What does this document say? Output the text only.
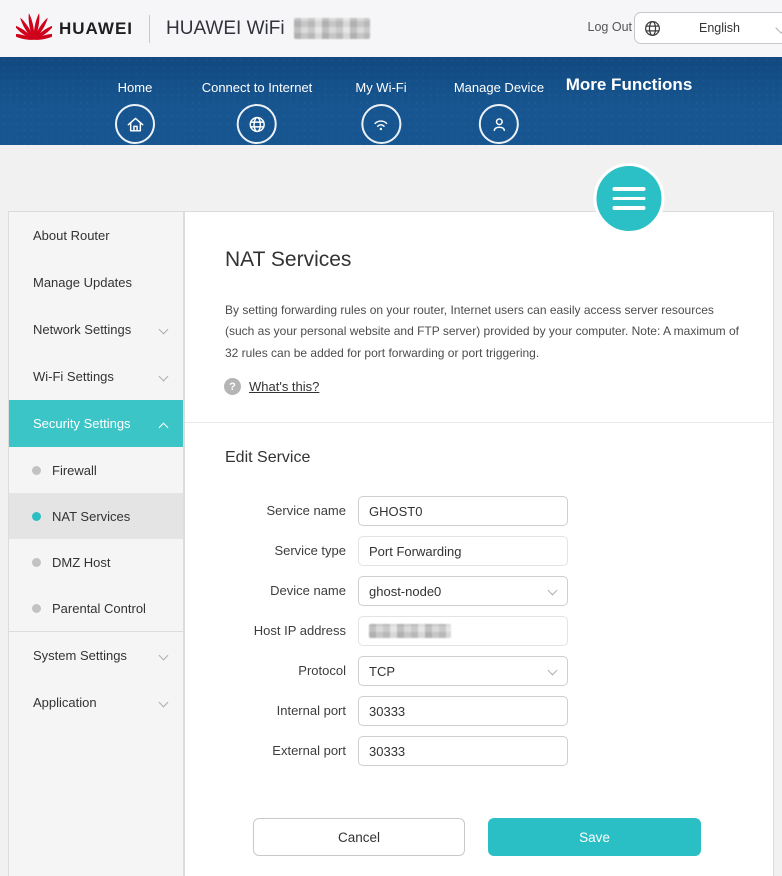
HUAWEI HUAWEI WiFi	Log Out	English
Home	Connect to Internet	My Wi-Fi	Manage Device More Functions
About Router
Manage Updates
Network Settings
Wi-Fi Settings
Security Settings
Firewall
NAT Services
DMZ Host
Parental Control
System Settings
Application
NAT Services
By setting forwarding rules on your router, Internet users can easily access server resources (such as your personal website and FTP server) provided by your computer. Note: A maximum of 32 rules can be added for port forwarding or port triggering.
?	What's this?
Edit Service
Service name
GHOST0
Service type
Port Forwarding
Device name ghost-node0
Host IP address
Protocol TCP
Internal port
30333
External port
30333
Cancel	Save
